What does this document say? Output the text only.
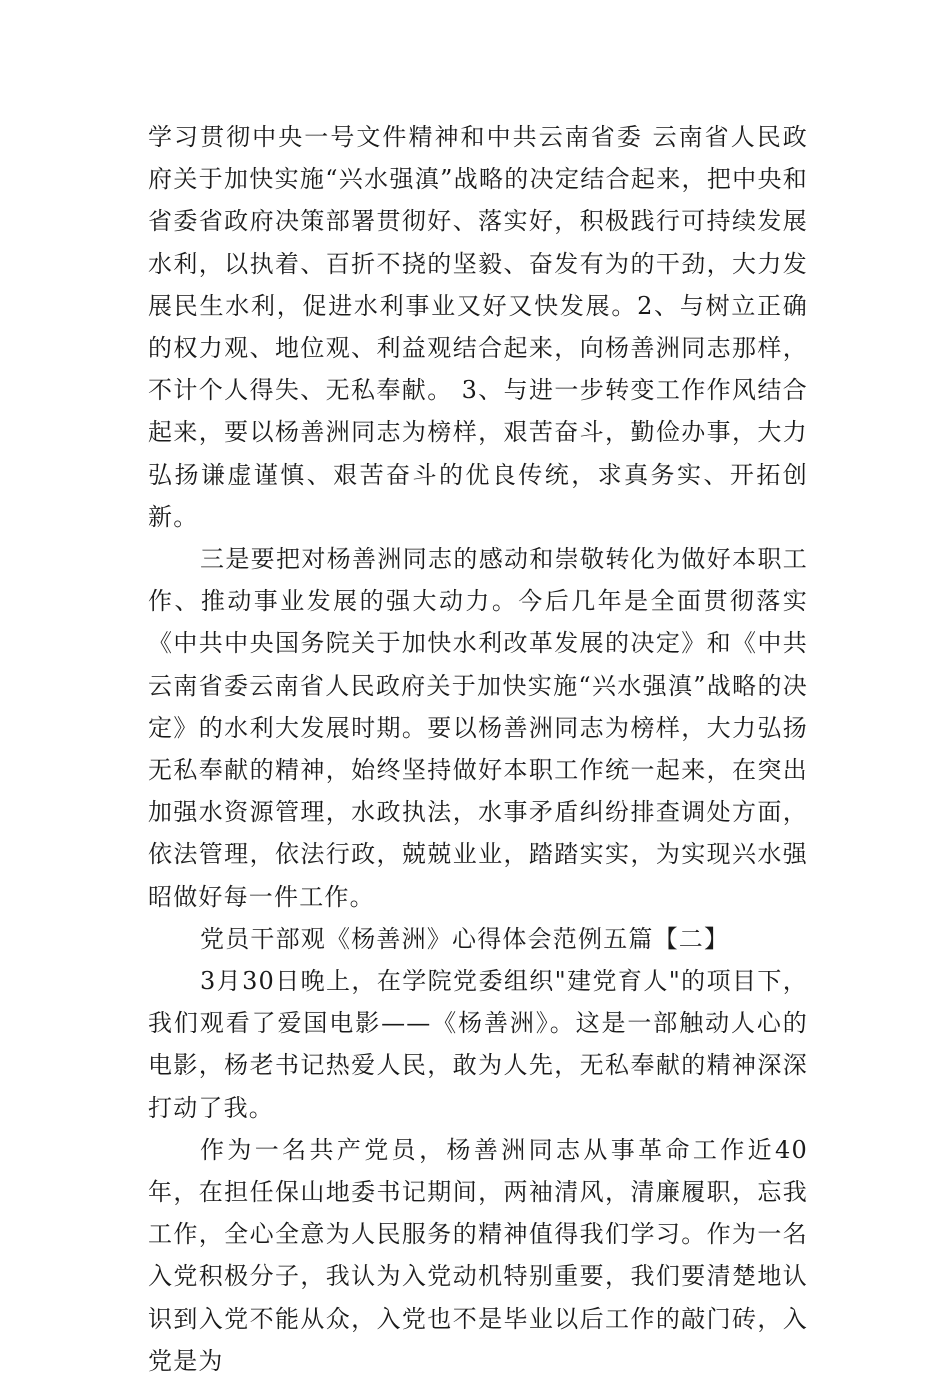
学习贯彻中央一号文件精神和中共云南省委 云南省人民政府关于加快实施“兴水强滇”战略的决定结合起来，把中央和省委省政府决策部署贯彻好、落实好，积极践行可持续发展水利，以执着、百折不挠的坚毅、奋发有为的干劲，大力发展民生水利，促进水利事业又好又快发展。2、与树立正确的权力观、地位观、利益观结合起来，向杨善洲同志那样，不计个人得失、无私奉献。 3、与进一步转变工作作风结合起来，要以杨善洲同志为榜样，艰苦奋斗，勤俭办事，大力弘扬谦虚谨慎、艰苦奋斗的优良传统，求真务实、开拓创新。

三是要把对杨善洲同志的感动和崇敬转化为做好本职工作、推动事业发展的强大动力。今后几年是全面贯彻落实《中共中央国务院关于加快水利改革发展的决定》和《中共云南省委云南省人民政府关于加快实施“兴水强滇”战略的决定》的水利大发展时期。要以杨善洲同志为榜样，大力弘扬无私奉献的精神，始终坚持做好本职工作统一起来，在突出加强水资源管理，水政执法，水事矛盾纠纷排查调处方面，依法管理，依法行政，兢兢业业，踏踏实实，为实现兴水强昭做好每一件工作。

党员干部观《杨善洲》心得体会范例五篇【二】

3月30日晚上，在学院党委组织"建党育人"的项目下，我们观看了爱国电影——《杨善洲》。这是一部触动人心的电影，杨老书记热爱人民，敢为人先，无私奉献的精神深深打动了我。

作为一名共产党员，杨善洲同志从事革命工作近40年，在担任保山地委书记期间，两袖清风，清廉履职，忘我工作，全心全意为人民服务的精神值得我们学习。作为一名入党积极分子，我认为入党动机特别重要，我们要清楚地认识到入党不能从众，入党也不是毕业以后工作的敲门砖，入党是为
